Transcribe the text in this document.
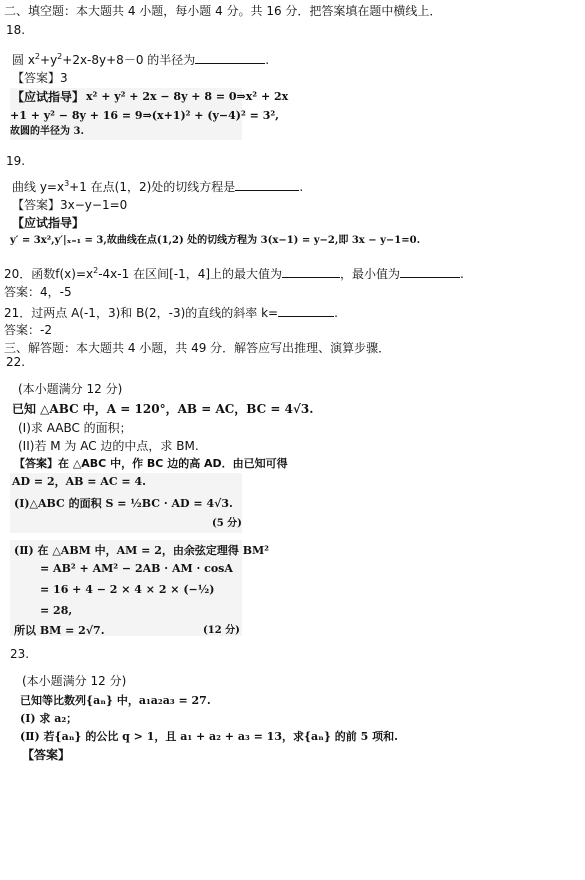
二、填空题：本大题共 4 小题，每小题 4 分。共 16 分．把答案填在题中横线上．
18.
圆 $x^2+y^2+2x-8y+8-0$ 的半径为	.
【答案】3
【应试指导】 x² + y² + 2x − 8y + 8 = 0⇒x² + 2x
+1 + y² − 8y + 16 = 9⇒(x+1)² + (y−4)² = 3²,
故圆的半径为 3.
19.
曲线 $y=x^3+1$ 在点(1，2)处的切线方程是	.
【答案】3x−y−1=0
【应试指导】
y′ = 3x²,y′|ₓ₌₁ = 3,故曲线在点(1,2) 处的切线方程为 3(x−1) = y−2,即 3x − y−1=0.
20．函数$f(x)=x^2-4x-1$ 在区间[-1，4]上的最大值为	，最小值为	.
答案：4，-5
21．过两点 A(-1，3)和 B(2，-3)的直线的斜率 k=	.
答案：-2
三、解答题：本大题共 4 小题，共 49 分．解答应写出推理、演算步骤．
22.
(本小题满分 12 分)
已知 △ABC 中，A = 120°，AB = AC，BC = 4√3.
(I)求 AABC 的面积；
(II)若 M 为 AC 边的中点，求 BM.
【答案】在 △ABC 中，作 BC 边的高 AD．由已知可得
AD = 2，AB = AC = 4.
(Ⅰ)△ABC 的面积 S = ½BC · AD = 4√3.
(5 分)
(Ⅱ) 在 △ABM 中，AM = 2，由余弦定理得 BM²
= AB² + AM² − 2AB · AM · cosA
= 16 + 4 − 2 × 4 × 2 × (−½)
= 28,
所以 BM = 2√7.	(12 分)
23.
(本小题满分 12 分)
已知等比数列{aₙ} 中，a₁a₂a₃ = 27.
(Ⅰ) 求 a₂；
(Ⅱ) 若{aₙ} 的公比 q > 1，且 a₁ + a₂ + a₃ = 13，求{aₙ} 的前 5 项和.
【答案】
